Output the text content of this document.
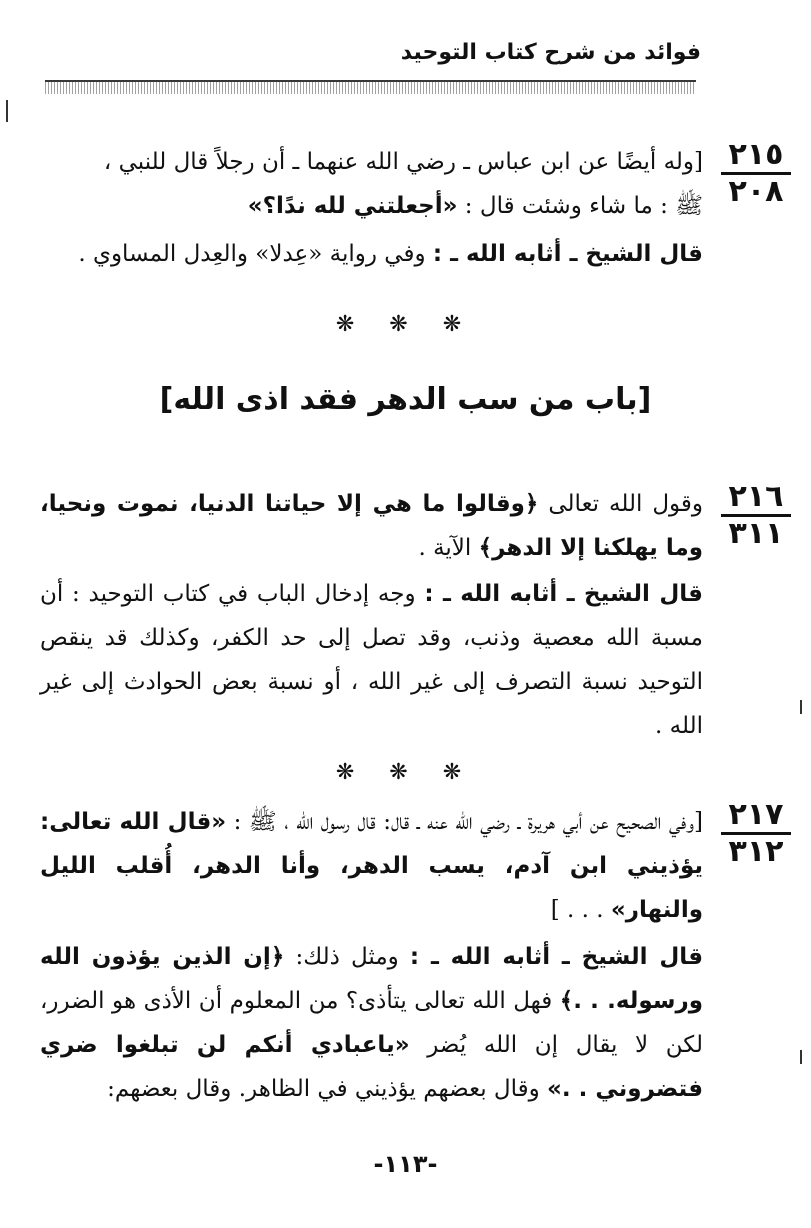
فوائد من شرح كتاب التوحيد
٢١٥
٢٠٨
[وله أيضًا عن ابن عباس ـ رضي الله عنهما ـ أن رجلاً قال للنبي ،
ﷺ : ما شاء وشئت قال : «أجعلتني لله ندًا؟»
قال الشيخ ـ أثابه الله ـ : وفي رواية «عِدلا» والعِدل المساوي .
❋ ❋ ❋
[باب من سب الدهر فقد اذى الله]
٢١٦
٣١١
وقول الله تعالى ﴿وقالوا ما هي إلا حياتنا الدنيا، نموت ونحيا، وما يهلكنا إلا الدهر﴾ الآية .
قال الشيخ ـ أثابه الله ـ : وجه إدخال الباب في كتاب التوحيد : أن مسبة الله معصية وذنب، وقد تصل إلى حد الكفر، وكذلك قد ينقص التوحيد نسبة التصرف إلى غير الله ، أو نسبة بعض الحوادث إلى غير الله .
❋ ❋ ❋
٢١٧
٣١٢
[وفي الصحيح عن أبي هريرة ـ رضي الله عنه ـ قال: قال رسول الله ، ﷺ : «قال الله تعالى: يؤذيني ابن آدم، يسب الدهر، وأنا الدهر، أُقلب الليل والنهار» . . . ]
قال الشيخ ـ أثابه الله ـ : ومثل ذلك: ﴿إن الذين يؤذون الله ورسوله. . .﴾ فهل الله تعالى يتأذى؟ من المعلوم أن الأذى هو الضرر، لكن لا يقال إن الله يُضر «ياعبادي أنكم لن تبلغوا ضري فتضروني . .» وقال بعضهم يؤذيني في الظاهر. وقال بعضهم:
-١١٣-
